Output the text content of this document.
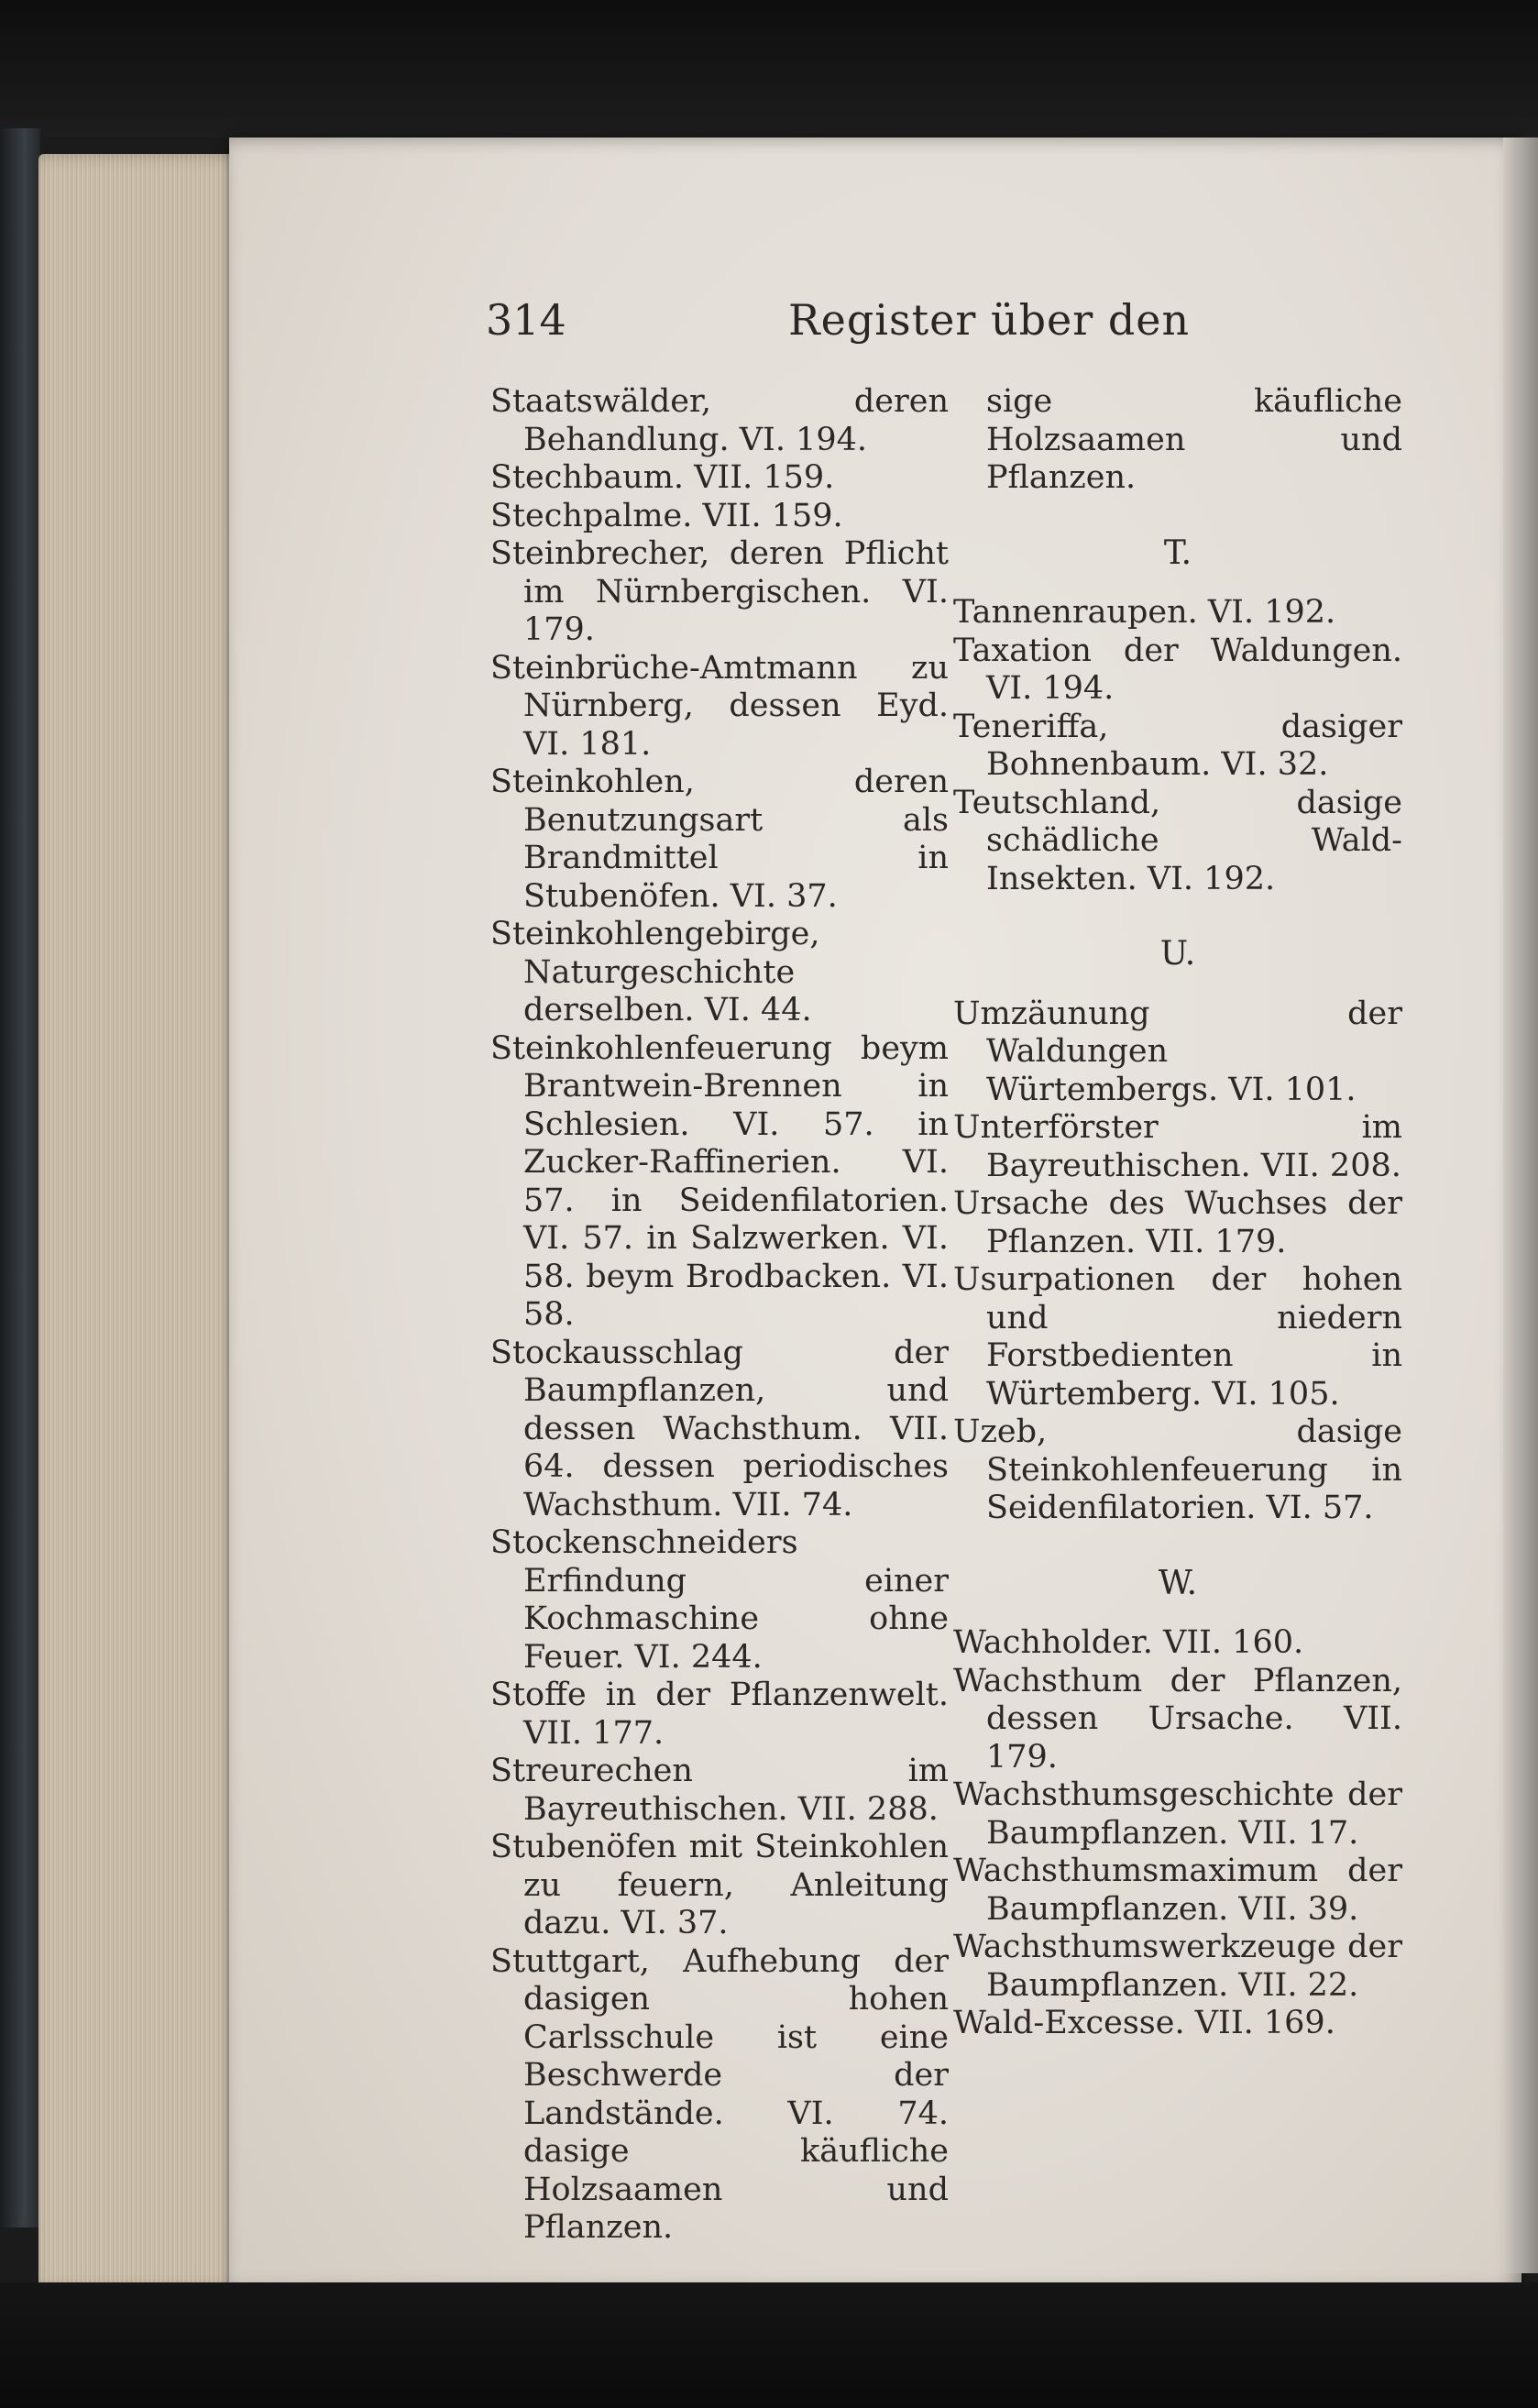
314	Register über den
Staatswälder, deren Behandlung. VI. 194.
Stechbaum. VII. 159.
Stechpalme. VII. 159.
Steinbrecher, deren Pflicht im Nürnbergischen. VI. 179.
Steinbrüche-Amtmann zu Nürnberg, dessen Eyd. VI. 181.
Steinkohlen, deren Benutzungsart als Brandmittel in Stubenöfen. VI. 37.
Steinkohlengebirge, Naturgeschichte derselben. VI. 44.
Steinkohlenfeuerung beym Brantwein-Brennen in Schlesien. VI. 57. in Zucker-Raffinerien. VI. 57. in Seidenfilatorien. VI. 57. in Salzwerken. VI. 58. beym Brodbacken. VI. 58.
Stockausschlag der Baumpflanzen, und dessen Wachsthum. VII. 64. dessen periodisches Wachsthum. VII. 74.
Stockenschneiders Erfindung einer Kochmaschine ohne Feuer. VI. 244.
Stoffe in der Pflanzenwelt. VII. 177.
Streurechen im Bayreuthischen. VII. 288.
Stubenöfen mit Steinkohlen zu feuern, Anleitung dazu. VI. 37.
Stuttgart, Aufhebung der dasigen hohen Carlsschule ist eine Beschwerde der Landstände. VI. 74. dasige käufliche Holzsaamen und Pflanzen.
sige käufliche Holzsaamen und Pflanzen.
T.
Tannenraupen. VI. 192.
Taxation der Waldungen. VI. 194.
Teneriffa, dasiger Bohnenbaum. VI. 32.
Teutschland, dasige schädliche Wald-Insekten. VI. 192.
U.
Umzäunung der Waldungen Würtembergs. VI. 101.
Unterförster im Bayreuthischen. VII. 208.
Ursache des Wuchses der Pflanzen. VII. 179.
Usurpationen der hohen und niedern Forstbedienten in Würtemberg. VI. 105.
Uzeb, dasige Steinkohlenfeuerung in Seidenfilatorien. VI. 57.
W.
Wachholder. VII. 160.
Wachsthum der Pflanzen, dessen Ursache. VII. 179.
Wachsthumsgeschichte der Baumpflanzen. VII. 17.
Wachsthumsmaximum der Baumpflanzen. VII. 39.
Wachsthumswerkzeuge der Baumpflanzen. VII. 22.
Wald-Excesse. VII. 169.
